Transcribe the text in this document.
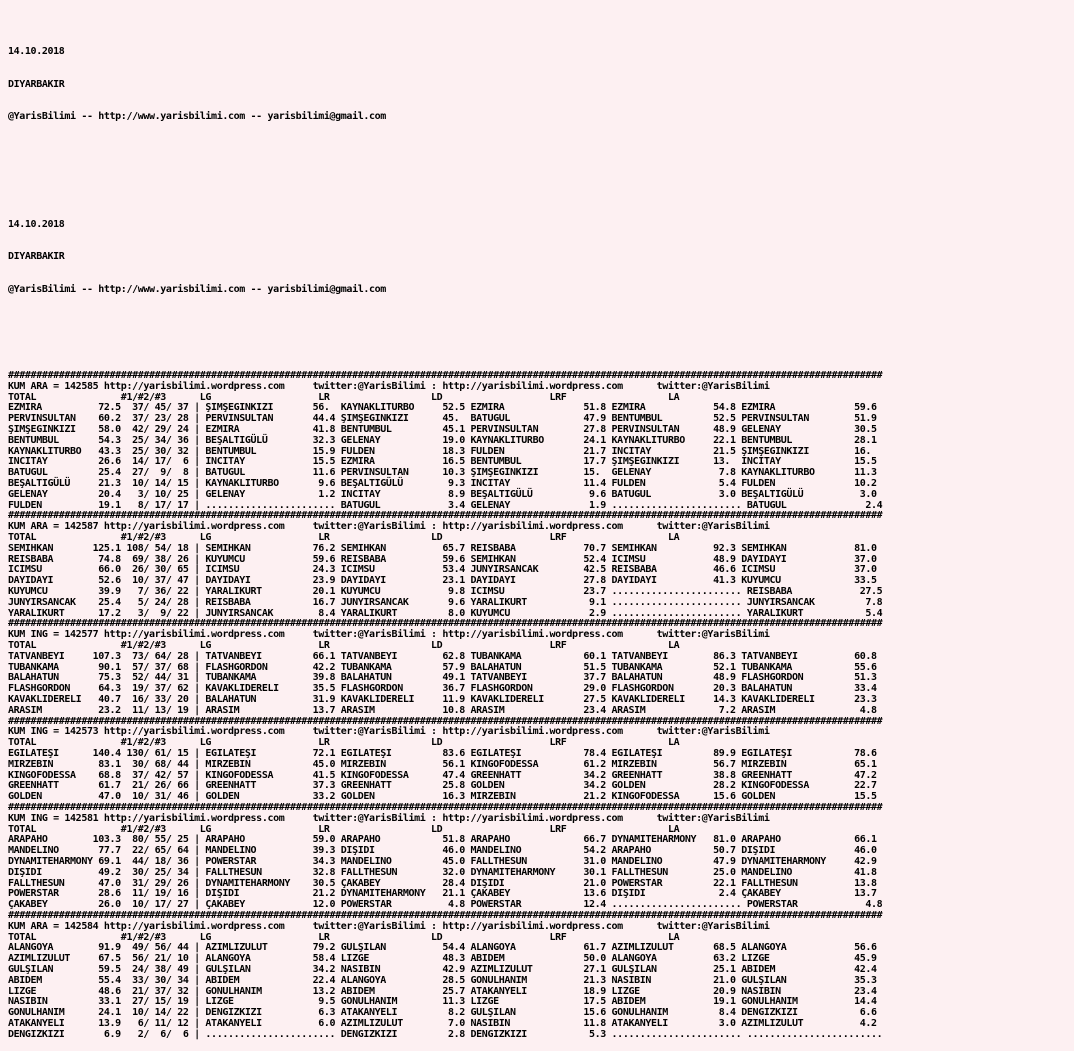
14.10.2018

DIYARBAKIR

@YarisBilimi -- http://www.yarisbilimi.com -- yarisbilimi@gmail.com

14.10.2018

DIYARBAKIR

@YarisBilimi -- http://www.yarisbilimi.com -- yarisbilimi@gmail.com

###########################################################################################################################################################
KUM ARA = 142585 http://yarisbilimi.wordpress.com     twitter:@YarisBilimi : http://yarisbilimi.wordpress.com      twitter:@YarisBilimi
TOTAL               #1/#2/#3      LG                   LR                  LD                   LRF                  LA
EZMIRA          72.5  37/ 45/ 37 | ŞIMŞEGINKIZI       56.  KAYNAKLITURBO     52.5 EZMIRA              51.8 EZMIRA            54.8 EZMIRA              59.6
PERVINSULTAN    60.2  37/ 23/ 28 | PERVINSULTAN       44.4 ŞIMŞEGINKIZI      45.  BATUGUL             47.9 BENTUMBUL         52.5 PERVINSULTAN        51.9
ŞIMŞEGINKIZI    58.0  42/ 29/ 24 | EZMIRA             41.8 BENTUMBUL         45.1 PERVINSULTAN        27.8 PERVINSULTAN      48.9 GELENAY             30.5
BENTUMBUL       54.3  25/ 34/ 36 | BEŞALTIGÜLÜ        32.3 GELENAY           19.0 KAYNAKLITURBO       24.1 KAYNAKLITURBO     22.1 BENTUMBUL           28.1
KAYNAKLITURBO   43.3  25/ 30/ 32 | BENTUMBUL          15.9 FULDEN            18.3 FULDEN              21.7 INCITAY           21.5 ŞIMŞEGINKIZI        16.
INCITAY         26.6  14/ 17/  6 | INCITAY            15.5 EZMIRA            16.5 BENTUMBUL           17.7 ŞIMŞEGINKIZI      13.  INCITAY             15.5
BATUGUL         25.4  27/  9/  8 | BATUGUL            11.6 PERVINSULTAN      10.3 ŞIMŞEGINKIZI        15.  GELENAY            7.8 KAYNAKLITURBO       11.3
BEŞALTIGÜLÜ     21.3  10/ 14/ 15 | KAYNAKLITURBO       9.6 BEŞALTIGÜLÜ        9.3 INCITAY             11.4 FULDEN             5.4 FULDEN              10.2
GELENAY         20.4   3/ 10/ 25 | GELENAY             1.2 INCITAY            8.9 BEŞALTIGÜLÜ          9.6 BATUGUL            3.0 BEŞALTIGÜLÜ          3.0
FULDEN          19.1   8/ 17/ 17 | ....................... BATUGUL            3.4 GELENAY              1.9 ....................... BATUGUL              2.4
###########################################################################################################################################################
KUM ARA = 142587 http://yarisbilimi.wordpress.com     twitter:@YarisBilimi : http://yarisbilimi.wordpress.com      twitter:@YarisBilimi
TOTAL               #1/#2/#3      LG                   LR                  LD                   LRF                  LA
SEMIHKAN       125.1 108/ 54/ 18 | SEMIHKAN           76.2 SEMIHKAN          65.7 REISBABA            70.7 SEMIHKAN          92.3 SEMIHKAN            81.0
REISBABA        74.8  69/ 38/ 26 | KUYUMCU            59.6 REISBABA          59.6 SEMIHKAN            52.4 ICIMSU            48.9 DAYIDAYI            37.0
ICIMSU          66.0  26/ 30/ 65 | ICIMSU             24.3 ICIMSU            53.4 JUNYIRSANCAK        42.5 REISBABA          46.6 ICIMSU              37.0
DAYIDAYI        52.6  10/ 37/ 47 | DAYIDAYI           23.9 DAYIDAYI          23.1 DAYIDAYI            27.8 DAYIDAYI          41.3 KUYUMCU             33.5
KUYUMCU         39.9   7/ 36/ 22 | YARALIKURT         20.1 KUYUMCU            9.8 ICIMSU              23.7 ....................... REISBABA            27.5
JUNYIRSANCAK    25.4   5/ 24/ 28 | REISBABA           16.7 JUNYIRSANCAK       9.6 YARALIKURT           9.1 ....................... JUNYIRSANCAK         7.8
YARALIKURT      17.2   3/  9/ 22 | JUNYIRSANCAK        8.4 YARALIKURT         8.0 KUYUMCU              2.9 ....................... YARALIKURT           5.4
###########################################################################################################################################################
KUM ING = 142577 http://yarisbilimi.wordpress.com     twitter:@YarisBilimi : http://yarisbilimi.wordpress.com      twitter:@YarisBilimi
TOTAL               #1/#2/#3      LG                   LR                  LD                   LRF                  LA
TATVANBEYI     107.3  73/ 64/ 28 | TATVANBEYI         66.1 TATVANBEYI        62.8 TUBANKAMA           60.1 TATVANBEYI        86.3 TATVANBEYI          60.8
TUBANKAMA       90.1  57/ 37/ 68 | FLASHGORDON        42.2 TUBANKAMA         57.9 BALAHATUN           51.5 TUBANKAMA         52.1 TUBANKAMA           55.6
BALAHATUN       75.3  52/ 44/ 31 | TUBANKAMA          39.8 BALAHATUN         49.1 TATVANBEYI          37.7 BALAHATUN         48.9 FLASHGORDON         51.3
FLASHGORDON     64.3  19/ 37/ 62 | KAVAKLIDERELI      35.5 FLASHGORDON       36.7 FLASHGORDON         29.0 FLASHGORDON       20.3 BALAHATUN           33.4
KAVAKLIDERELI   40.7  16/ 33/ 20 | BALAHATUN          31.9 KAVAKLIDERELI     11.9 KAVAKLIDERELI       27.5 KAVAKLIDERELI     14.3 KAVAKLIDERELI       23.3
ARASIM          23.2  11/ 13/ 19 | ARASIM             13.7 ARASIM            10.8 ARASIM              23.4 ARASIM             7.2 ARASIM               4.8
###########################################################################################################################################################
KUM ING = 142573 http://yarisbilimi.wordpress.com     twitter:@YarisBilimi : http://yarisbilimi.wordpress.com      twitter:@YarisBilimi
TOTAL               #1/#2/#3      LG                   LR                  LD                   LRF                  LA
EGILATEŞI      140.4 130/ 61/ 15 | EGILATEŞI          72.1 EGILATEŞI         83.6 EGILATEŞI           78.4 EGILATEŞI         89.9 EGILATEŞI           78.6
MIRZEBIN        83.1  30/ 68/ 44 | MIRZEBIN           45.0 MIRZEBIN          56.1 KINGOFODESSA        61.2 MIRZEBIN          56.7 MIRZEBIN            65.1
KINGOFODESSA    68.8  37/ 42/ 57 | KINGOFODESSA       41.5 KINGOFODESSA      47.4 GREENHATT           34.2 GREENHATT         38.8 GREENHATT           47.2
GREENHATT       61.7  21/ 26/ 66 | GREENHATT          37.3 GREENHATT         25.8 GOLDEN              34.2 GOLDEN            28.2 KINGOFODESSA        22.7
GOLDEN          47.0  10/ 31/ 46 | GOLDEN             33.2 GOLDEN            16.3 MIRZEBIN            21.2 KINGOFODESSA      15.6 GOLDEN              15.5
###########################################################################################################################################################
KUM ING = 142581 http://yarisbilimi.wordpress.com     twitter:@YarisBilimi : http://yarisbilimi.wordpress.com      twitter:@YarisBilimi
TOTAL               #1/#2/#3      LG                   LR                  LD                   LRF                  LA
ARAPAHO        103.3  80/ 55/ 25 | ARAPAHO            59.0 ARAPAHO           51.8 ARAPAHO             66.7 DYNAMITEHARMONY   81.0 ARAPAHO             66.1
MANDELINO       77.7  22/ 65/ 64 | MANDELINO          39.3 DIŞIDI            46.0 MANDELINO           54.2 ARAPAHO           50.7 DIŞIDI              46.0
DYNAMITEHARMONY 69.1  44/ 18/ 36 | POWERSTAR          34.3 MANDELINO         45.0 FALLTHESUN          31.0 MANDELINO         47.9 DYNAMITEHARMONY     42.9
DIŞIDI          49.2  30/ 25/ 34 | FALLTHESUN         32.8 FALLTHESUN        32.0 DYNAMITEHARMONY     30.1 FALLTHESUN        25.0 MANDELINO           41.8
FALLTHESUN      47.0  31/ 29/ 26 | DYNAMITEHARMONY    30.5 ÇAKABEY           28.4 DIŞIDI              21.0 POWERSTAR         22.1 FALLTHESUN          13.8
POWERSTAR       28.6  11/ 19/ 16 | DIŞIDI             21.2 DYNAMITEHARMONY   21.1 ÇAKABEY             13.6 DIŞIDI             2.4 ÇAKABEY             13.7
ÇAKABEY         26.0  10/ 17/ 27 | ÇAKABEY            12.0 POWERSTAR          4.8 POWERSTAR           12.4 ....................... POWERSTAR            4.8
###########################################################################################################################################################
KUM ARA = 142584 http://yarisbilimi.wordpress.com     twitter:@YarisBilimi : http://yarisbilimi.wordpress.com      twitter:@YarisBilimi
TOTAL               #1/#2/#3      LG                   LR                  LD                   LRF                  LA
ALANGOYA        91.9  49/ 56/ 44 | AZIMLIZULUT        79.2 GULŞILAN          54.4 ALANGOYA            61.7 AZIMLIZULUT       68.5 ALANGOYA            56.6
AZIMLIZULUT     67.5  56/ 21/ 10 | ALANGOYA           58.4 LIZGE             48.3 ABIDEM              50.0 ALANGOYA          63.2 LIZGE               45.9
GULŞILAN        59.5  24/ 38/ 49 | GULŞILAN           34.2 NASIBIN           42.9 AZIMLIZULUT         27.1 GULŞILAN          25.1 ABIDEM              42.4
ABIDEM          55.4  33/ 30/ 34 | ABIDEM             22.4 ALANGOYA          28.5 GONULHANIM          21.3 NASIBIN           21.0 GULŞILAN            35.3
LIZGE           48.6  21/ 37/ 32 | GONULHANIM         13.2 ABIDEM            25.7 ATAKANYELI          18.9 LIZGE             20.9 NASIBIN             23.4
NASIBIN         33.1  27/ 15/ 19 | LIZGE               9.5 GONULHANIM        11.3 LIZGE               17.5 ABIDEM            19.1 GONULHANIM          14.4
GONULHANIM      24.1  10/ 14/ 22 | DENGIZKIZI          6.3 ATAKANYELI         8.2 GULŞILAN            15.6 GONULHANIM         8.4 DENGIZKIZI           6.6
ATAKANYELI      13.9   6/ 11/ 12 | ATAKANYELI          6.0 AZIMLIZULUT        7.0 NASIBIN             11.8 ATAKANYELI         3.0 AZIMLIZULUT          4.2
DENGIZKIZI       6.9   2/  6/  6 | ....................... DENGIZKIZI         2.8 DENGIZKIZI           5.3 ....................... ........................
